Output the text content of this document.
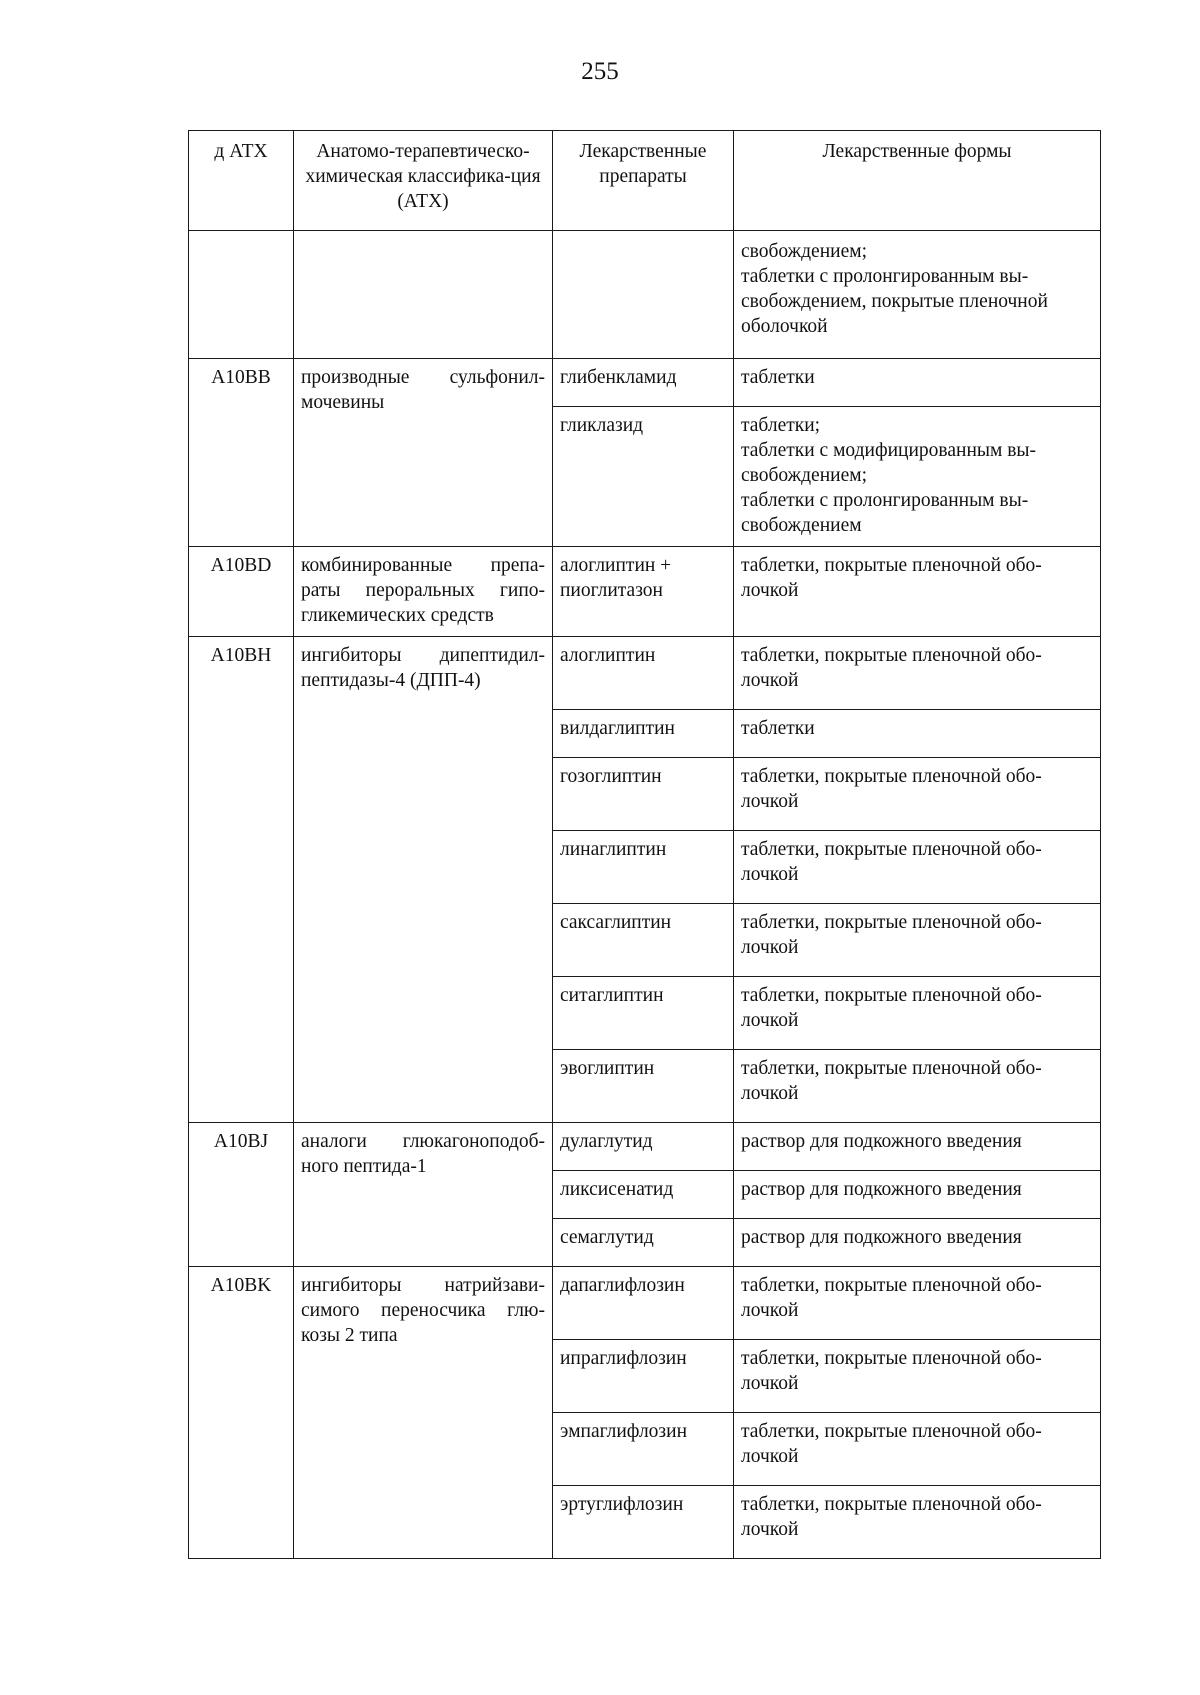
255
д АТХ	Анатомо-терапевтическо-химическая классифика-ция (АТХ)	Лекарственные препараты	Лекарственные формы

			свобождением;
таблетки с пролонгированным вы-свобождением, покрытые пленочной оболочкой

A10BB	производные сульфонил-мочевины	глибенкламид	таблетки

		гликлазид	таблетки;
таблетки с модифицированным вы-свобождением;
таблетки с пролонгированным вы-свобождением

A10BD	комбинированные препа-раты пероральных гипо-гликемических средств	алоглиптин + пиоглитазон	таблетки, покрытые пленочной обо-лочкой

A10BH	ингибиторы дипептидил-пептидазы-4 (ДПП-4)	алоглиптин	таблетки, покрытые пленочной обо-лочкой

		вилдаглиптин	таблетки

		гозоглиптин	таблетки, покрытые пленочной обо-лочкой

		линаглиптин	таблетки, покрытые пленочной обо-лочкой

		саксаглиптин	таблетки, покрытые пленочной обо-лочкой

		ситаглиптин	таблетки, покрытые пленочной обо-лочкой

		эвоглиптин	таблетки, покрытые пленочной обо-лочкой

A10BJ	аналоги глюкагоноподоб-ного пептида-1	дулаглутид	раствор для подкожного введения

		ликсисенатид	раствор для подкожного введения

		семаглутид	раствор для подкожного введения

A10BK	ингибиторы натрийзави-симого переносчика глю-козы 2 типа	дапаглифлозин	таблетки, покрытые пленочной обо-лочкой

		ипраглифлозин	таблетки, покрытые пленочной обо-лочкой

		эмпаглифлозин	таблетки, покрытые пленочной обо-лочкой

		эртуглифлозин	таблетки, покрытые пленочной обо-лочкой
